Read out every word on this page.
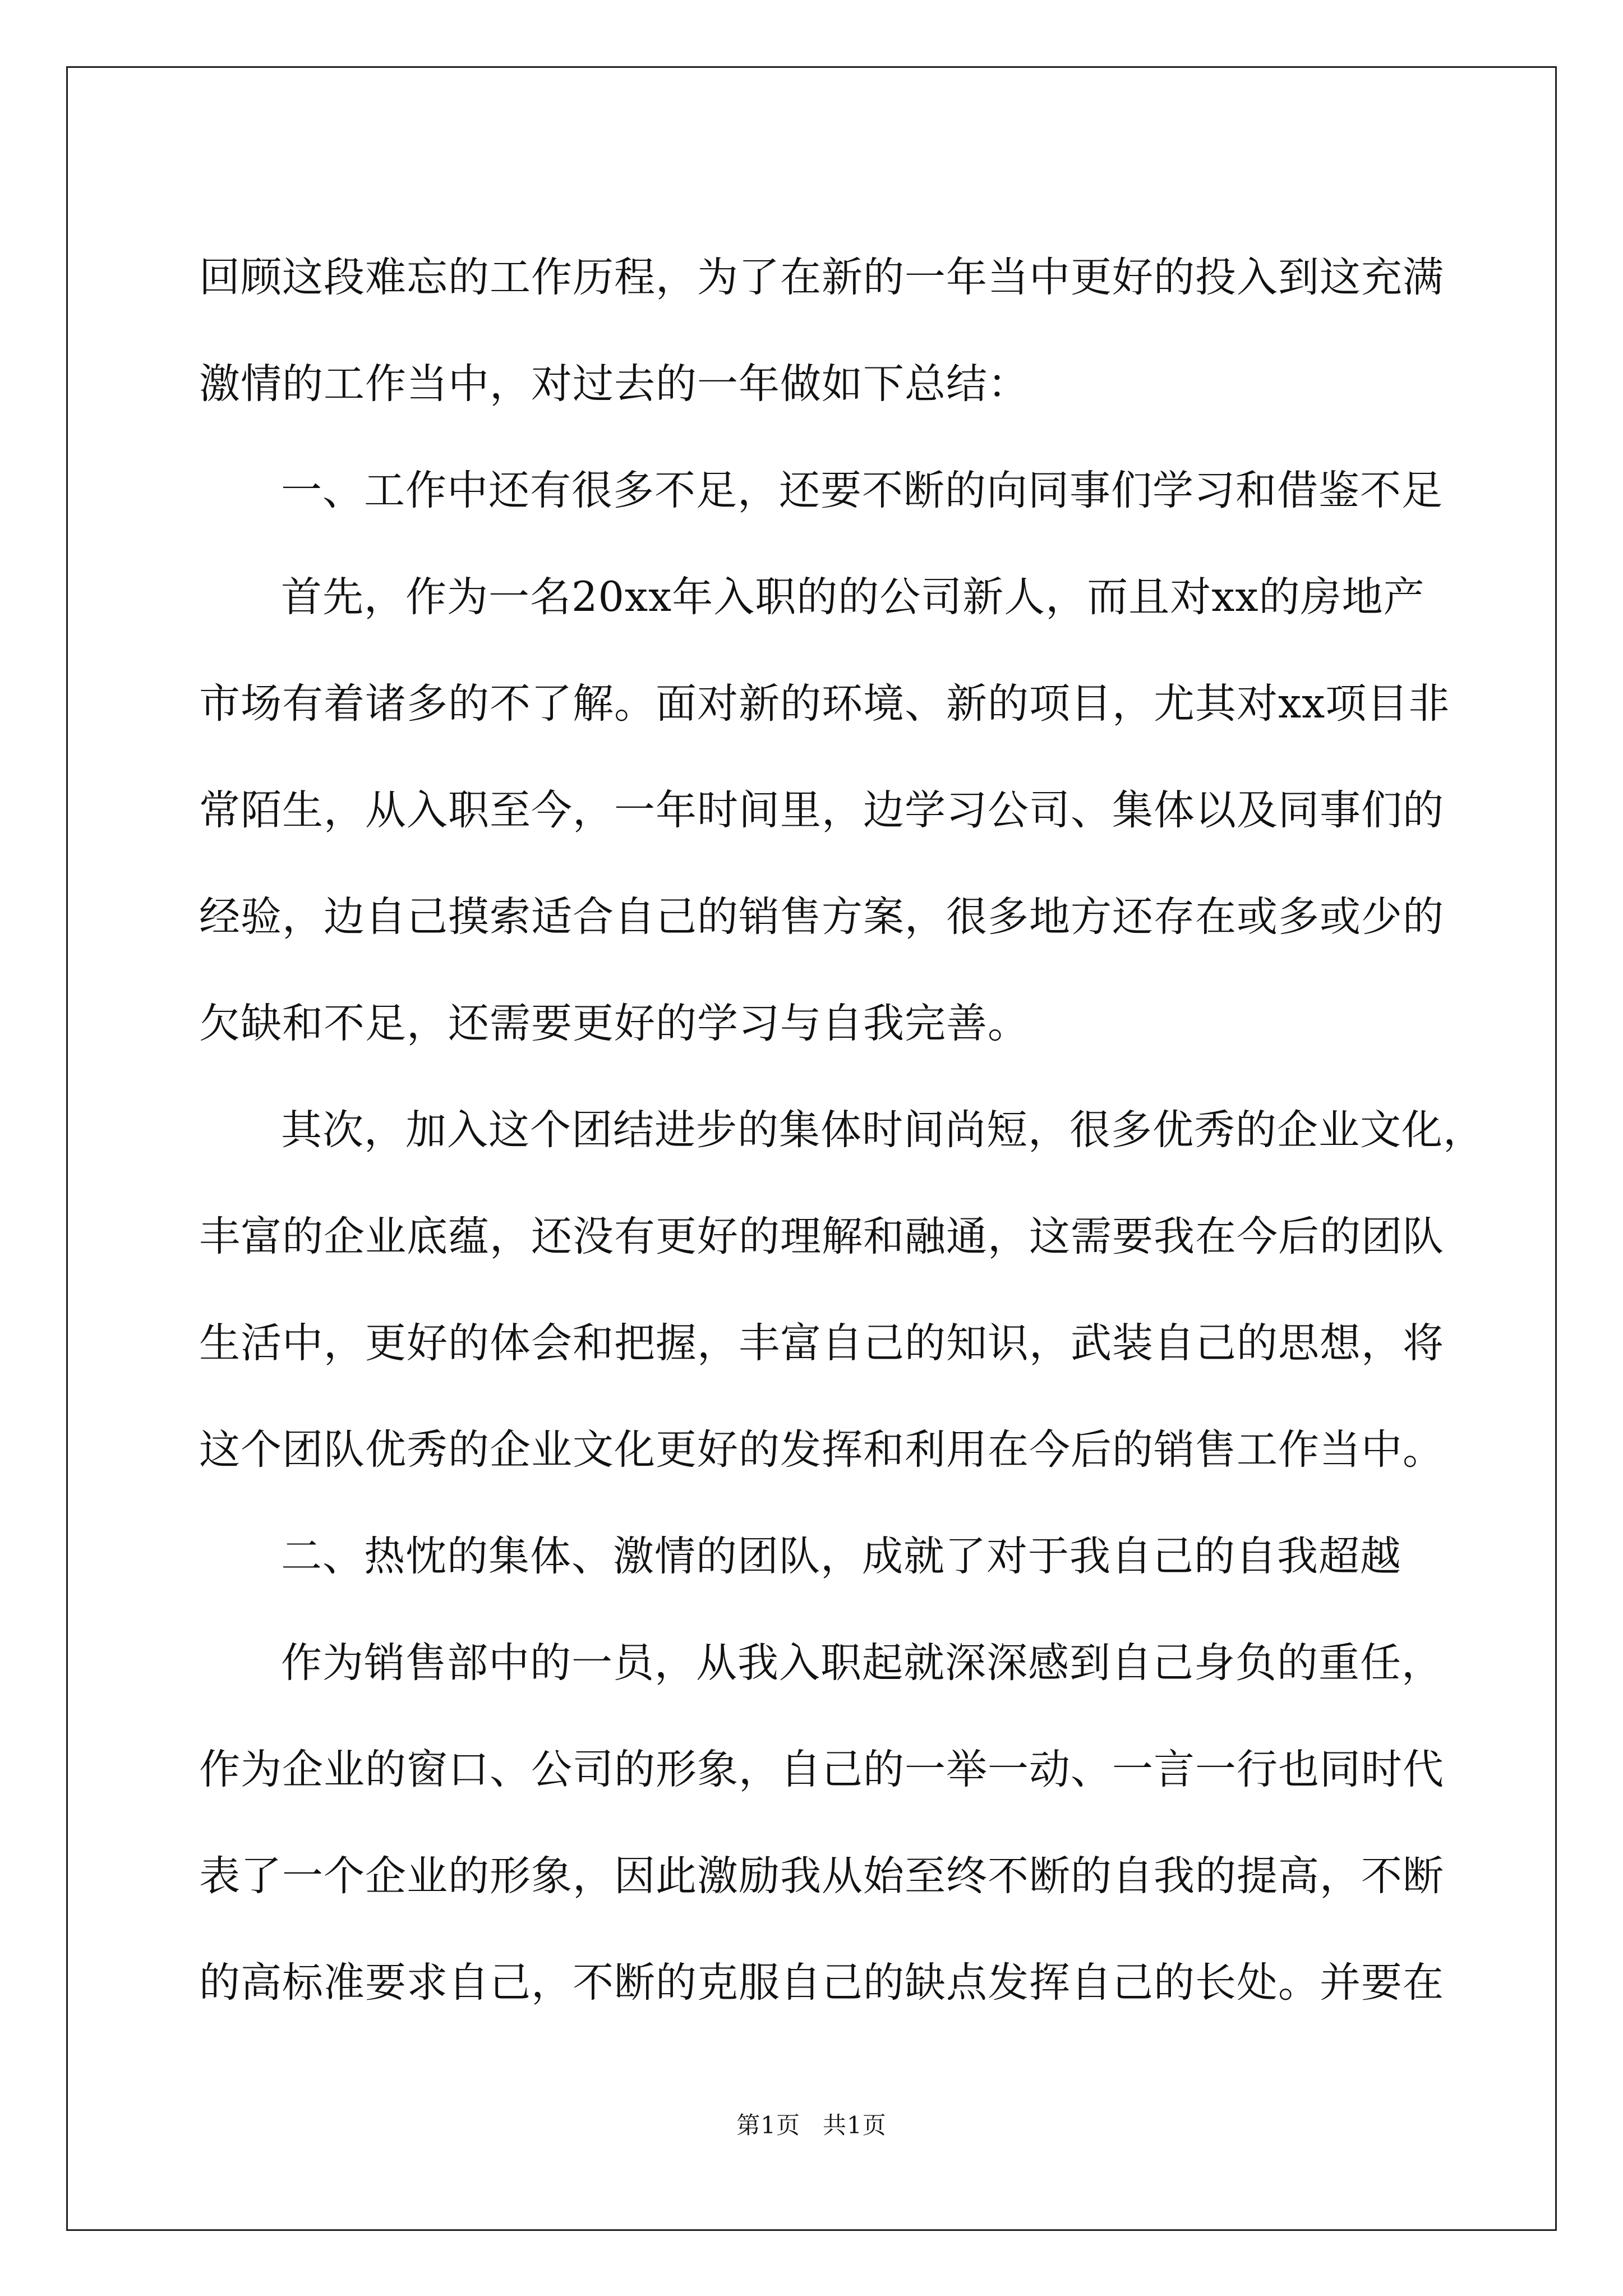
回顾这段难忘的工作历程，为了在新的一年当中更好的投入到这充满
激情的工作当中，对过去的一年做如下总结：
一、工作中还有很多不足，还要不断的向同事们学习和借鉴不足
首先，作为一名20xx年入职的的公司新人，而且对xx的房地产
市场有着诸多的不了解。面对新的环境、新的项目，尤其对xx项目非
常陌生，从入职至今，一年时间里，边学习公司、集体以及同事们的
经验，边自己摸索适合自己的销售方案，很多地方还存在或多或少的
欠缺和不足，还需要更好的学习与自我完善。
其次，加入这个团结进步的集体时间尚短，很多优秀的企业文化，
丰富的企业底蕴，还没有更好的理解和融通，这需要我在今后的团队
生活中，更好的体会和把握，丰富自己的知识，武装自己的思想，将
这个团队优秀的企业文化更好的发挥和利用在今后的销售工作当中。
二、热忱的集体、激情的团队，成就了对于我自己的自我超越
作为销售部中的一员，从我入职起就深深感到自己身负的重任，
作为企业的窗口、公司的形象，自己的一举一动、一言一行也同时代
表了一个企业的形象，因此激励我从始至终不断的自我的提高，不断
的高标准要求自己，不断的克服自己的缺点发挥自己的长处。并要在
第1页 共1页
